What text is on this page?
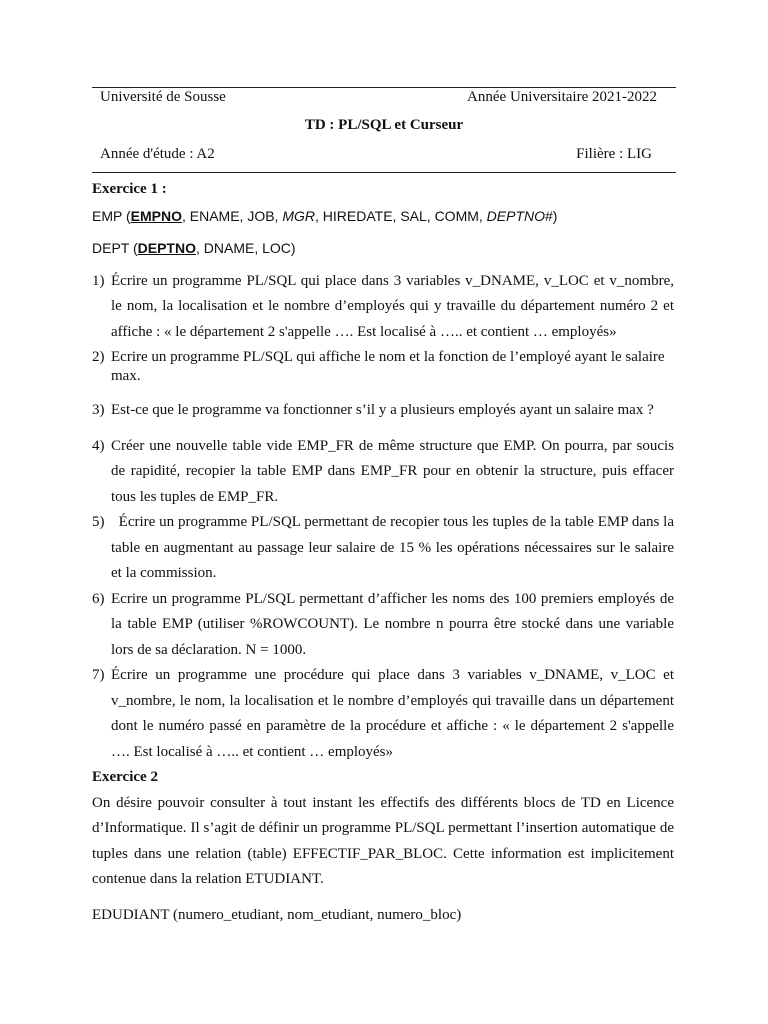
Université de Sousse	Année Universitaire 2021-2022
TD : PL/SQL et Curseur
Année d'étude : A2	Filière : LIG

Exercice 1 :

EMP (EMPNO, ENAME, JOB, MGR, HIREDATE, SAL, COMM, DEPTNO#)

DEPT (DEPTNO, DNAME, LOC)

1) Écrire un programme PL/SQL qui place dans 3 variables v_DNAME, v_LOC et v_nombre, le nom, la localisation et le nombre d’employés qui y travaille du département numéro 2 et affiche : « le département 2 s'appelle …. Est localisé à ….. et contient … employés»
2) Ecrire un programme PL/SQL qui affiche le nom et la fonction de l’employé ayant le salaire max.
3) Est-ce que le programme va fonctionner s’il y a plusieurs employés ayant un salaire max ?
4) Créer une nouvelle table vide EMP_FR de même structure que EMP. On pourra, par soucis de rapidité, recopier la table EMP dans EMP_FR pour en obtenir la structure, puis effacer tous les tuples de EMP_FR.
5) Écrire un programme PL/SQL permettant de recopier tous les tuples de la table EMP dans la table en augmentant au passage leur salaire de 15 % les opérations nécessaires sur le salaire et la commission.
6) Ecrire un programme PL/SQL permettant d’afficher les noms des 100 premiers employés de la table EMP (utiliser %ROWCOUNT). Le nombre n pourra être stocké dans une variable lors de sa déclaration. N = 1000.
7) Écrire un programme une procédure qui place dans 3 variables v_DNAME, v_LOC et v_nombre, le nom, la localisation et le nombre d’employés qui travaille dans un département dont le numéro passé en paramètre de la procédure et affiche : « le département 2 s'appelle …. Est localisé à ….. et contient … employés»

Exercice 2

On désire pouvoir consulter à tout instant les effectifs des différents blocs de TD en Licence d’Informatique. Il s’agit de définir un programme PL/SQL permettant l’insertion automatique de tuples dans une relation (table) EFFECTIF_PAR_BLOC. Cette information est implicitement contenue dans la relation ETUDIANT.

EDUDIANT (numero_etudiant, nom_etudiant, numero_bloc)
